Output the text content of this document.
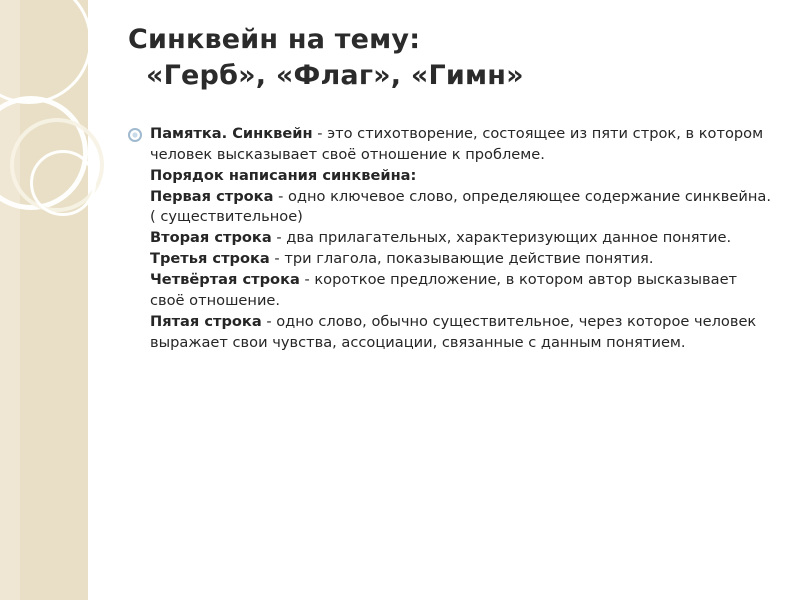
Синквейн на тему:
«Герб», «Флаг», «Гимн»

Памятка. Синквейн - это стихотворение, состоящее из пяти строк, в котором человек высказывает своё отношение к проблеме.

Порядок написания синквейна:

Первая строка - одно ключевое слово, определяющее содержание синквейна. ( существительное)

Вторая строка - два прилагательных, характеризующих данное понятие.

Третья строка - три глагола, показывающие действие понятия.

Четвёртая строка - короткое предложение, в котором автор высказывает

своё отношение.

Пятая строка - одно слово, обычно существительное, через которое человек выражает свои чувства, ассоциации, связанные с данным понятием.
